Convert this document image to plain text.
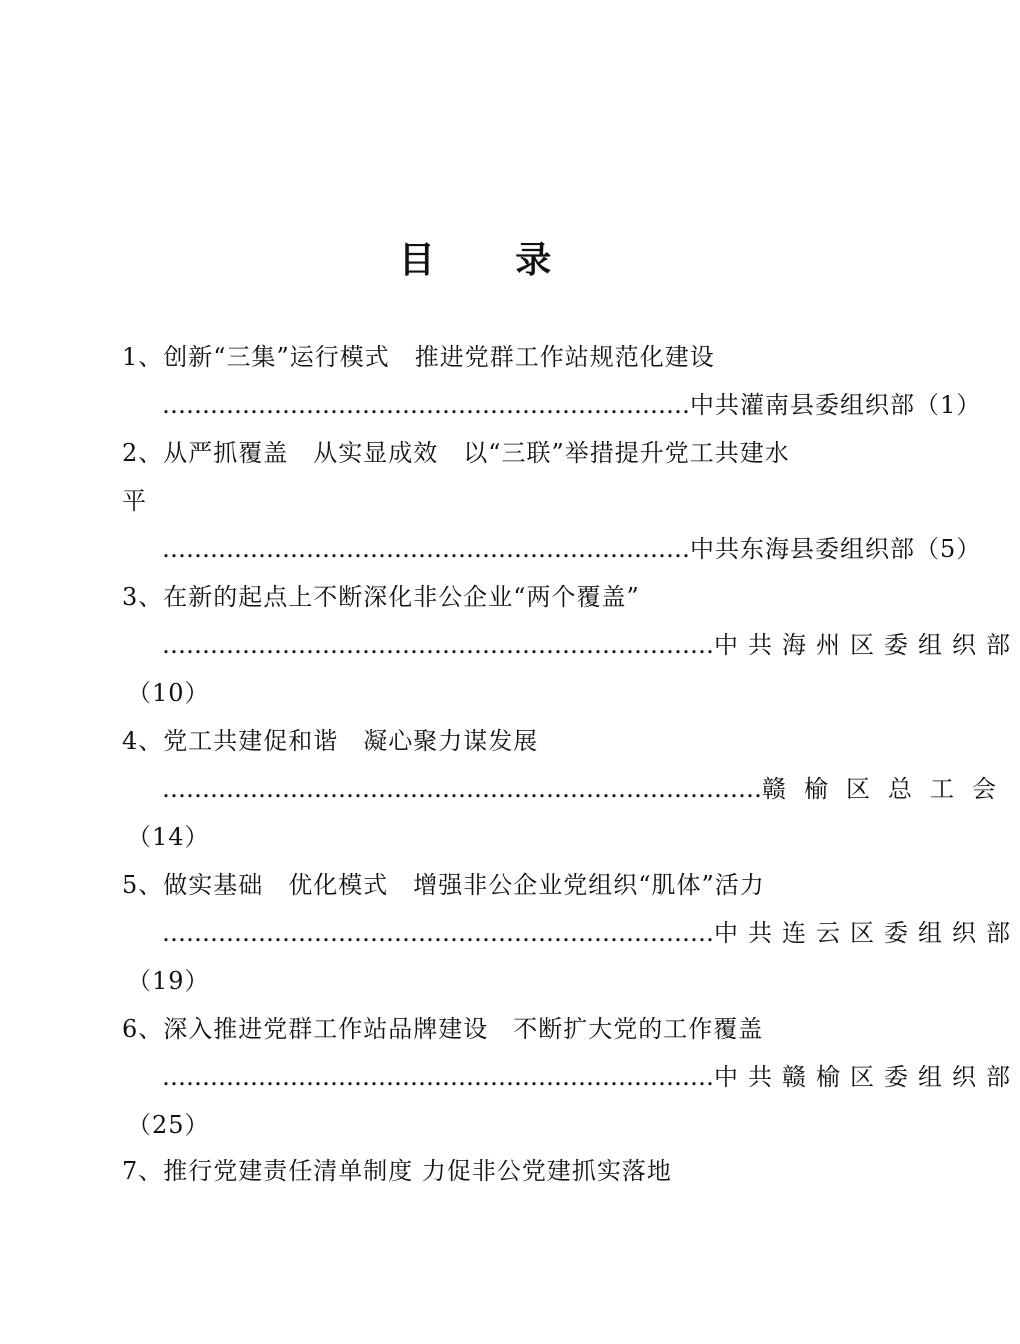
目 录
1、创新“三集”运行模式　推进党群工作站规范化建设
………………………………………………………… 中共灌南县委组织部 （1）
2、从严抓覆盖　从实显成效　以“三联”举措提升党工共建水
平
………………………………………………………… 中共东海县委组织部 （5）
3、在新的起点上不断深化非公企业“两个覆盖”
…………………………………………………………… 中共海州区委组织部
（10）
4、党工共建促和谐　凝心聚力谋发展
………………………………………………………………… 赣榆区总工会
（14）
5、做实基础　优化模式　增强非公企业党组织“肌体”活力
…………………………………………………………… 中共连云区委组织部
（19）
6、深入推进党群工作站品牌建设　不断扩大党的工作覆盖
…………………………………………………………… 中共赣榆区委组织部
（25）
7、推行党建责任清单制度 力促非公党建抓实落地
